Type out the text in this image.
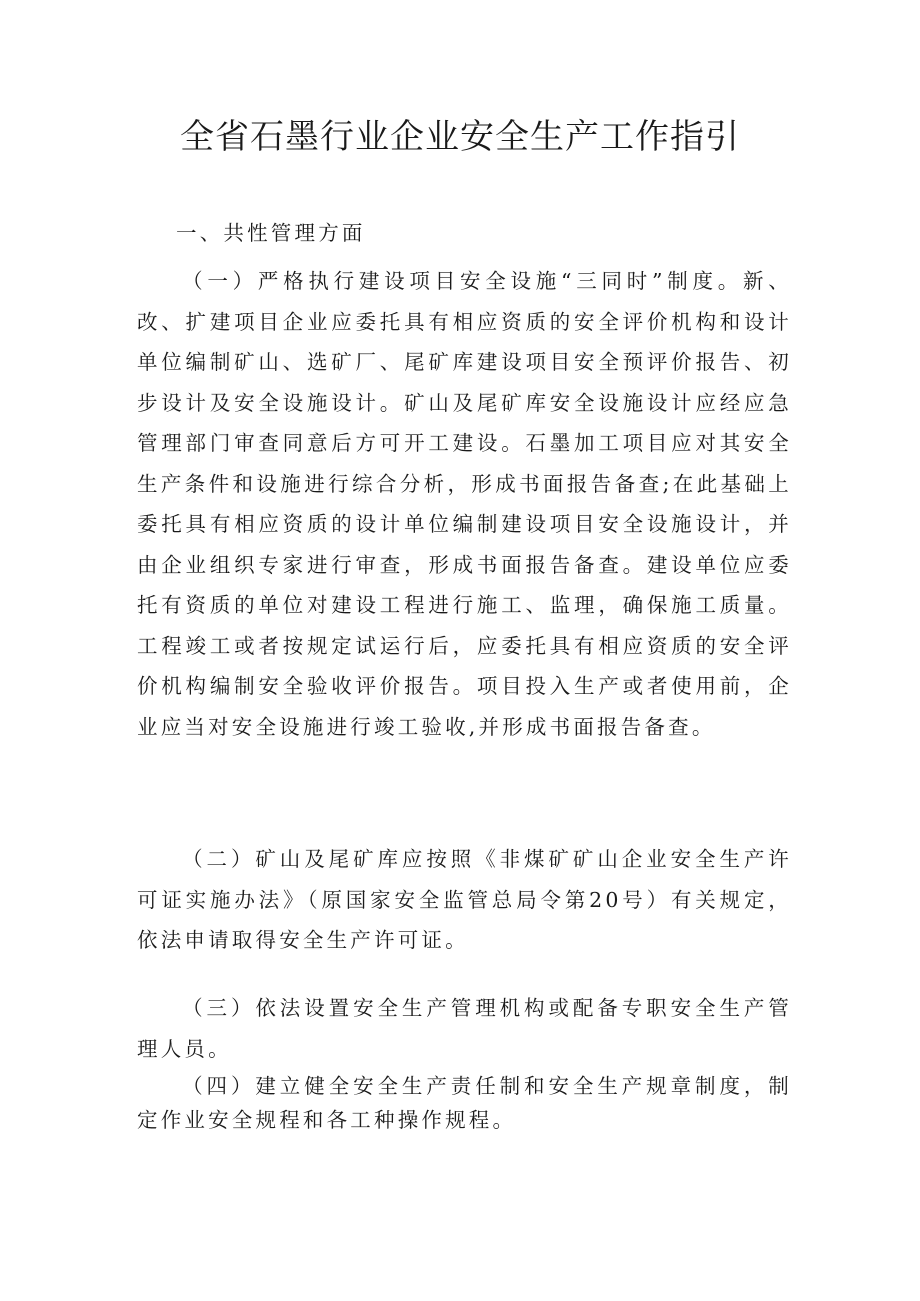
全省石墨行业企业安全生产工作指引

一、共性管理方面

（一）严格执行建设项目安全设施“三同时”制度。新、改、扩建项目企业应委托具有相应资质的安全评价机构和设计单位编制矿山、选矿厂、尾矿库建设项目安全预评价报告、初步设计及安全设施设计。矿山及尾矿库安全设施设计应经应急管理部门审查同意后方可开工建设。石墨加工项目应对其安全生产条件和设施进行综合分析，形成书面报告备查;在此基础上委托具有相应资质的设计单位编制建设项目安全设施设计，并由企业组织专家进行审查，形成书面报告备查。建设单位应委托有资质的单位对建设工程进行施工、监理，确保施工质量。工程竣工或者按规定试运行后，应委托具有相应资质的安全评价机构编制安全验收评价报告。项目投入生产或者使用前，企业应当对安全设施进行竣工验收,并形成书面报告备查。

（二）矿山及尾矿库应按照《非煤矿矿山企业安全生产许可证实施办法》（原国家安全监管总局令第20号）有关规定，依法申请取得安全生产许可证。

（三）依法设置安全生产管理机构或配备专职安全生产管理人员。

（四）建立健全安全生产责任制和安全生产规章制度，制定作业安全规程和各工种操作规程。
